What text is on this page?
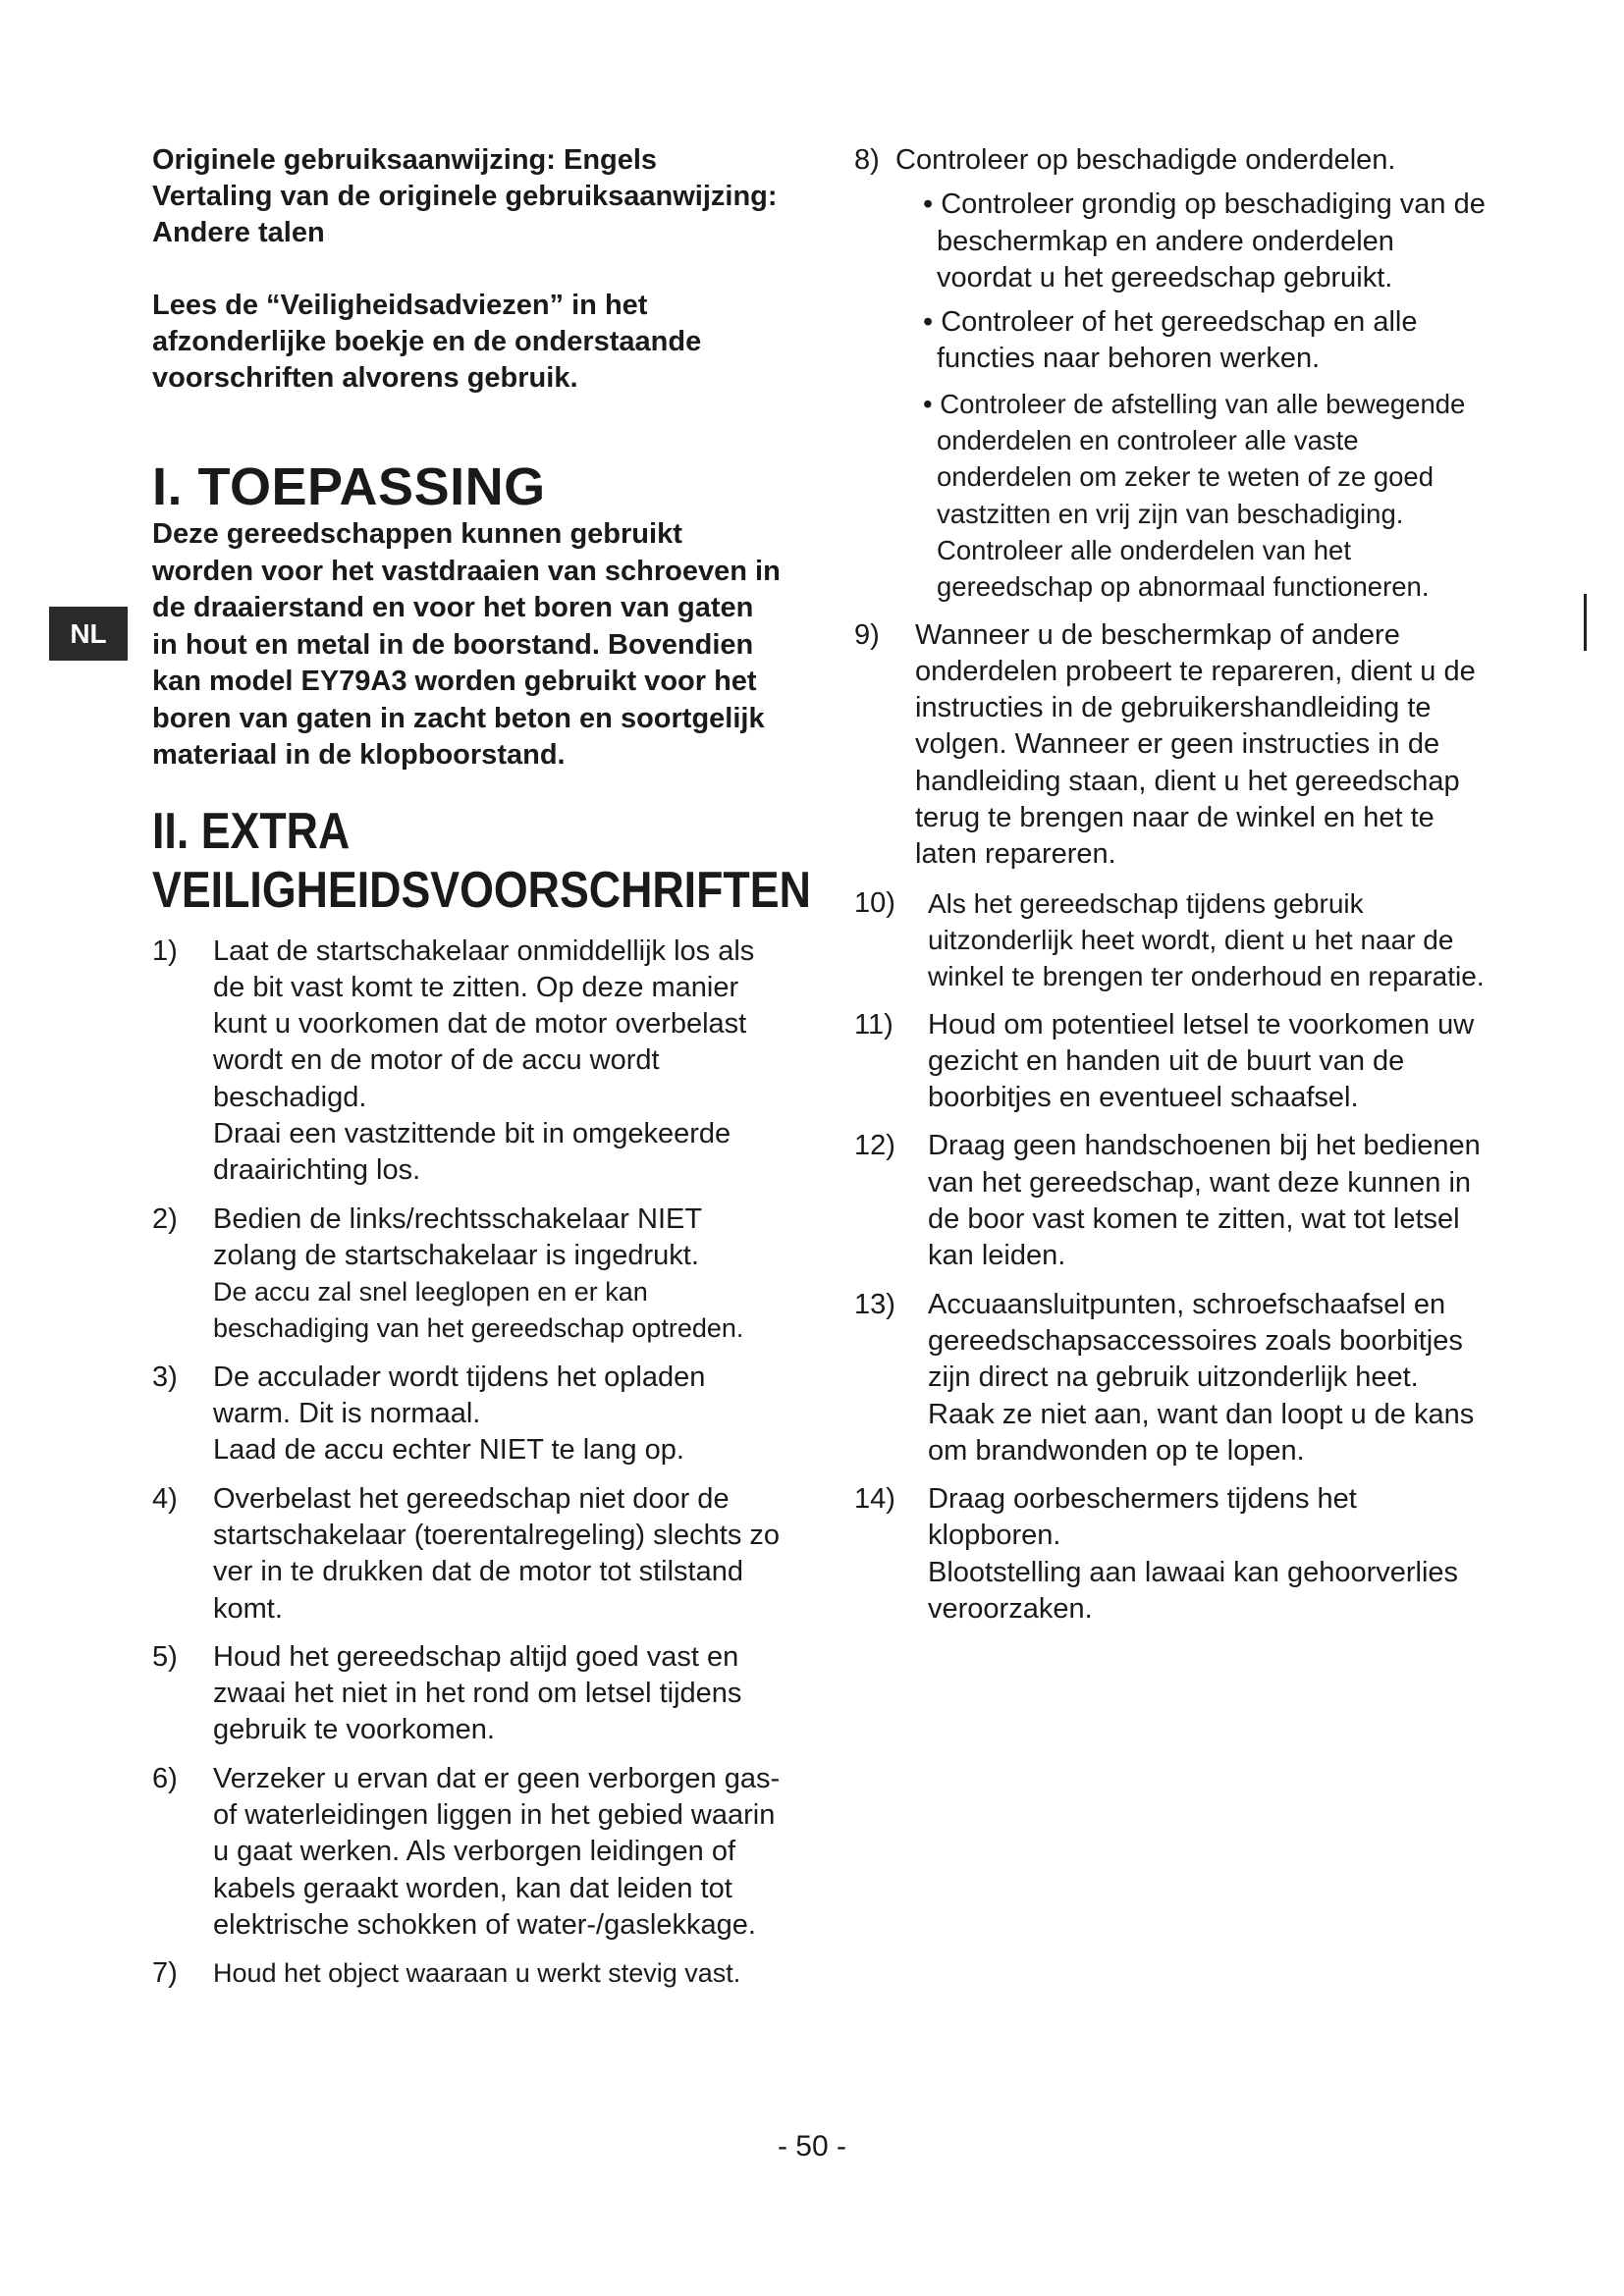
NL

Originele gebruiksaanwijzing: Engels

Vertaling van de originele gebruiksaanwijzing:

Andere talen

Lees de “Veiligheidsadviezen” in het afzonderlijke boekje en de onderstaande voorschriften alvorens gebruik.

I. TOEPASSING

Deze gereedschappen kunnen gebruikt worden voor het vastdraaien van schroeven in de draaierstand en voor het boren van gaten in hout en metal in de boorstand. Bovendien kan model EY79A3 worden gebruikt voor het boren van gaten in zacht beton en soortgelijk materiaal in de klopboorstand.

II. EXTRA
VEILIGHEIDSVOORSCHRIFTEN
1) Laat de startschakelaar onmiddellijk los als de bit vast komt te zitten. Op deze manier kunt u voorkomen dat de motor overbelast wordt en de motor of de accu wordt beschadigd.
Draai een vastzittende bit in omgekeerde draairichting los.
2) Bedien de links/rechtsschakelaar NIET zolang de startschakelaar is ingedrukt.
De accu zal snel leeglopen en er kan beschadiging van het gereedschap optreden.
3) De acculader wordt tijdens het opladen warm. Dit is normaal.
Laad de accu echter NIET te lang op.
4) Overbelast het gereedschap niet door de startschakelaar (toerentalregeling) slechts zo ver in te drukken dat de motor tot stilstand komt.
5) Houd het gereedschap altijd goed vast en zwaai het niet in het rond om letsel tijdens gebruik te voorkomen.
6) Verzeker u ervan dat er geen verborgen gas- of waterleidingen liggen in het gebied waarin u gaat werken. Als verborgen leidingen of kabels geraakt worden, kan dat leiden tot elektrische schokken of water-/gaslekkage.
7) Houd het object waaraan u werkt stevig vast.
8) Controleer op beschadigde onderdelen.
• Controleer grondig op beschadiging van de beschermkap en andere onderdelen voordat u het gereedschap gebruikt.
• Controleer of het gereedschap en alle functies naar behoren werken.
• Controleer de afstelling van alle bewegende onderdelen en controleer alle vaste onderdelen om zeker te weten of ze goed vastzitten en vrij zijn van beschadiging. Controleer alle onderdelen van het gereedschap op abnormaal functioneren.
9)	Wanneer u de beschermkap of andere onderdelen probeert te repareren, dient u de instructies in de gebruikershandleiding te volgen. Wanneer er geen instructies in de handleiding staan, dient u het gereedschap terug te brengen naar de winkel en het te laten repareren.
10) Als het gereedschap tijdens gebruik uitzonderlijk heet wordt, dient u het naar de winkel te brengen ter onderhoud en reparatie.
11) Houd om potentieel letsel te voorkomen uw gezicht en handen uit de buurt van de boorbitjes en eventueel schaafsel.
12) Draag geen handschoenen bij het bedienen van het gereedschap, want deze kunnen in de boor vast komen te zitten, wat tot letsel kan leiden.
13) Accuaansluitpunten, schroefschaafsel en gereedschapsaccessoires zoals boorbitjes zijn direct na gebruik uitzonderlijk heet. Raak ze niet aan, want dan loopt u de kans om brandwonden op te lopen.
14) Draag oorbeschermers tijdens het klopboren.
Blootstelling aan lawaai kan gehoorverlies veroorzaken.
- 50 -
